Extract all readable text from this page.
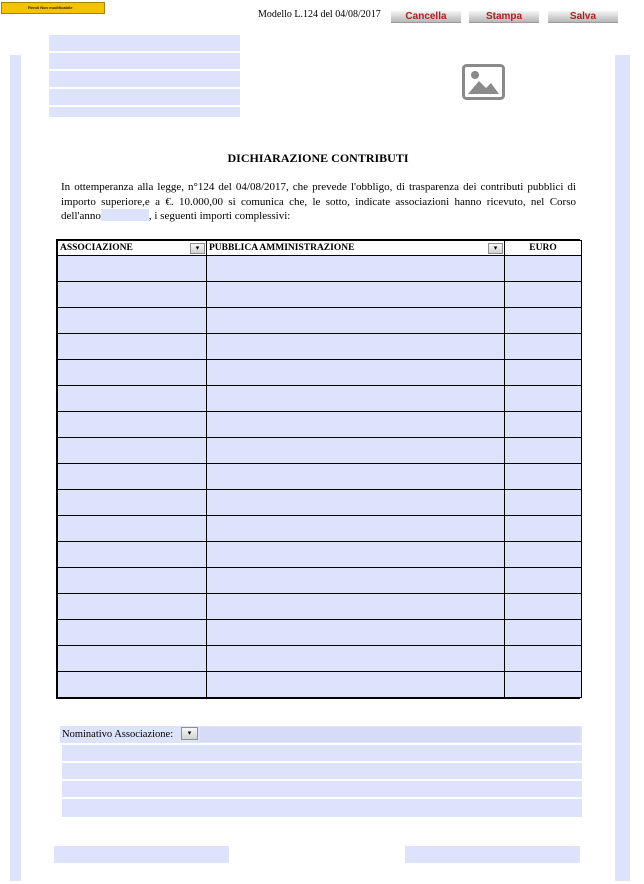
Rendi Non modificabile
Modello L.124 del 04/08/2017	Cancella	Stampa	Salva
DICHIARAZIONE CONTRIBUTI
In ottemperanza alla legge, n°124 del 04/08/2017, che prevede l'obbligo, di trasparenza dei contributi pubblici di importo superiore,e a €. 10.000,00 si comunica che, le sotto, indicate associazioni hanno ricevuto, nel Corso dell'anno	, i seguenti importi complessivi:
ASSOCIAZIONE ▾	PUBBLICA AMMINISTRAZIONE ▾	EURO

Nominativo Associazione:	▾
